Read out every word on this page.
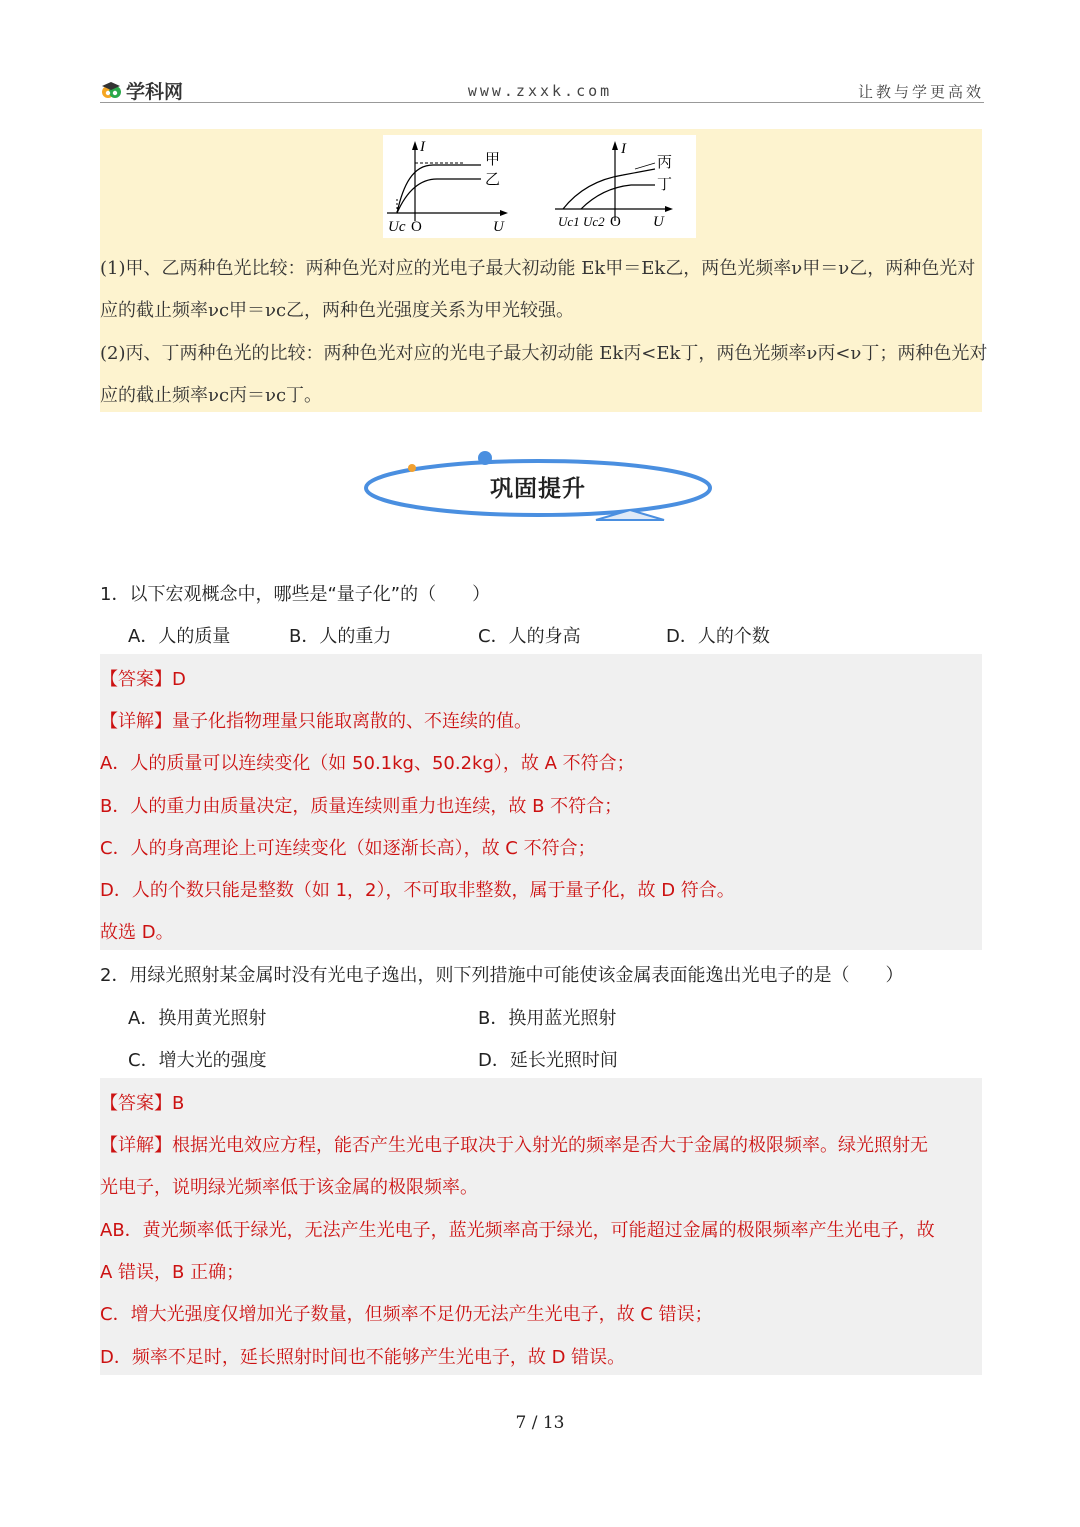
学科网	www.zxxk.com	让教与学更高效
I
U
Uc O
甲
乙
I
U
Uc1 Uc2 O
丙
丁
(1)甲、乙两种色光比较：两种色光对应的光电子最大初动能 Ek甲＝Ek乙，两色光频率ν甲＝ν乙，两种色光对
应的截止频率νc甲＝νc乙，两种色光强度关系为甲光较强。
(2)丙、丁两种色光的比较：两种色光对应的光电子最大初动能 Ek丙<Ek丁，两色光频率ν丙<ν丁；两种色光对
应的截止频率νc丙＝νc丁。
巩固提升
1．以下宏观概念中，哪些是“量子化”的（　　）
A．人的质量	B．人的重力	C．人的身高	D．人的个数
【答案】D
【详解】量子化指物理量只能取离散的、不连续的值。
A．人的质量可以连续变化（如 50.1kg、50.2kg），故 A 不符合；
B．人的重力由质量决定，质量连续则重力也连续，故 B 不符合；
C．人的身高理论上可连续变化（如逐渐长高），故 C 不符合；
D．人的个数只能是整数（如 1，2），不可取非整数，属于量子化，故 D 符合。
故选 D。
2．用绿光照射某金属时没有光电子逸出，则下列措施中可能使该金属表面能逸出光电子的是（　　）
A．换用黄光照射	B．换用蓝光照射
C．增大光的强度	D．延长光照时间
【答案】B
【详解】根据光电效应方程，能否产生光电子取决于入射光的频率是否大于金属的极限频率。绿光照射无
光电子，说明绿光频率低于该金属的极限频率。
AB．黄光频率低于绿光，无法产生光电子，蓝光频率高于绿光，可能超过金属的极限频率产生光电子，故
A 错误，B 正确；
C．增大光强度仅增加光子数量，但频率不足仍无法产生光电子，故 C 错误；
D．频率不足时，延长照射时间也不能够产生光电子，故 D 错误。
7 / 13
